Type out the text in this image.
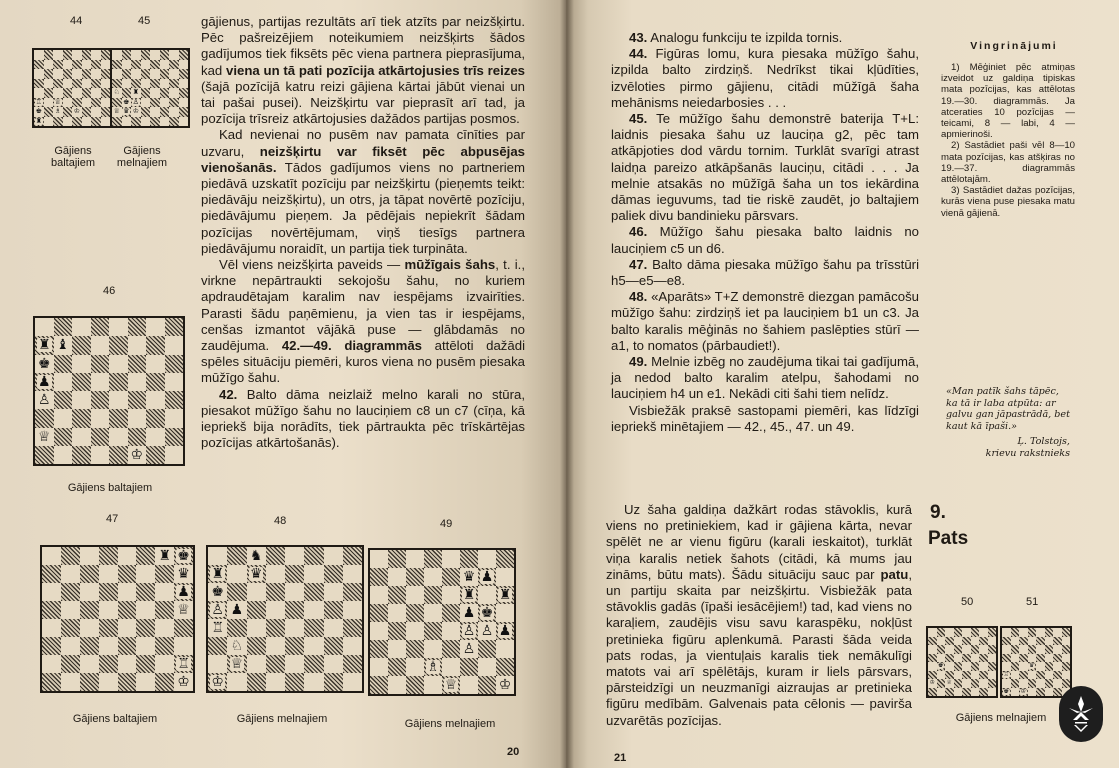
44	45
♖ ♕
♚ ♗ ♔
♜
♘ ♜
♚ ♙
♕ ♛ ♔
Gājiens baltajiem
Gājiens melnajiem
46
♜ ♝
♚
♟
♙
♕
♔
Gājiens baltajiem
47	48	49
♜ ♚
♛
♟
♕
♖
♔
♞
♜ ♛
♚
♙ ♟
♖
♘
♕
♔
♛ ♟
♜ ♜
♟ ♚
♙ ♙ ♟
♙
♗
♕	♔
Gājiens baltajiem	Gājiens melnajiem	Gājiens melnajiem
20

gājienus, partijas rezultāts arī tiek atzīts par neizšķirtu. Pēc pašreizējiem noteikumiem neizšķirts šādos gadījumos tiek fiksēts pēc viena partnera pieprasījuma, kad viena un tā pati pozīcija atkārtojusies trīs reizes (šajā pozīcijā katru reizi gājiena kārtai jābūt vienai un tai pašai pusei). Neizšķirtu var pieprasīt arī tad, ja pozīcija trīsreiz atkārtojusies dažādos partijas posmos.

Kad nevienai no pusēm nav pamata cīnīties par uzvaru, neizšķirtu var fiksēt pēc abpusējas vienošanās. Tādos gadījumos viens no partneriem piedāvā uzskatīt pozīciju par neizšķirtu (pieņemts teikt: piedāvāju neizšķirtu), un otrs, ja tāpat novērtē pozīciju, piedāvājumu pieņem. Ja pēdējais nepiekrīt šādam pozīcijas novērtējumam, viņš tiesīgs partnera piedāvājumu noraidīt, un partija tiek turpināta.

Vēl viens neizšķirta paveids — mūžīgais šahs, t. i., virkne nepārtraukti sekojošu šahu, no kuriem apdraudētajam karalim nav iespējams izvairīties. Parasti šādu paņēmienu, ja vien tas ir iespējams, cenšas izmantot vājākā puse — glābdamās no zaudējuma. 42.—49. diagrammās attēloti dažādi spēles situāciju piemēri, kuros viena no pusēm piesaka mūžīgo šahu.

42. Balto dāma neizlaiž melno karali no stūra, piesakot mūžīgo šahu no lauciņiem c8 un c7 (cīņa, kā iepriekš bija norādīts, tiek pārtraukta pēc trīskārtējas pozīcijas atkārtošanās).

43. Analogu funkciju te izpilda tornis.

44. Figūras lomu, kura piesaka mūžīgo šahu, izpilda balto zirdziņš. Nedrīkst tikai kļūdīties, izvēloties pirmo gājienu, citādi mūžīgā šaha mehānisms neiedarbosies . . .

45. Te mūžīgo šahu demonstrē baterija T+L: laidnis piesaka šahu uz lauciņa g2, pēc tam atkāpjoties dod vārdu tornim. Turklāt svarīgi atrast laidņa pareizo atkāpšanās lauciņu, citādi . . . Ja melnie atsakās no mūžīgā šaha un tos iekārdina dāmas ieguvums, tad tie riskē zaudēt, jo baltajiem paliek divu bandinieku pārsvars.

46. Mūžīgo šahu piesaka balto laidnis no lauciņiem c5 un d6.

47. Balto dāma piesaka mūžīgo šahu pa trīsstūri h5—e5—e8.

48. «Aparāts» T+Z demonstrē diezgan pamācošu mūžīgo šahu: zirdziņš iet pa lauciņiem b1 un c3. Ja balto karalis mēģinās no šahiem paslēpties stūrī — a1, to nomatos (pārbaudiet!).

49. Melnie izbēg no zaudējuma tikai tai gadījumā, ja nedod balto karalim atelpu, šahodami no lauciņiem h4 un e1. Nekādi citi šahi tiem nelīdz.

Visbiežāk praksē sastopami piemēri, kas līdzīgi iepriekš minētajiem — 42., 45., 47. un 49.

Vingrinājumi

1) Mēģiniet pēc atmiņas izveidot uz galdiņa tipiskas mata pozīcijas, kas attēlotas 19.—30. diagrammās. Ja atceraties 10 pozīcijas — teicami, 8 — labi, 4 — apmierinoši.

2) Sastādiet paši vēl 8—10 mata pozīcijas, kas atšķiras no 19.—37. diagrammās attēlotajām.

3) Sastādiet dažas pozīcijas, kurās viena puse piesaka matu vienā gājienā.

«Man patīk šahs tāpēc, ka tā ir laba atpūta: ar galvu gan jāpastrādā, bet kaut kā īpaši.»
Ļ. Tolstojs,
krievu rakstnieks

Uz šaha galdiņa dažkārt rodas stāvoklis, kurā viens no pretiniekiem, kad ir gājiena kārta, nevar spēlēt ne ar vienu figūru (karali ieskaitot), turklāt viņa karalis netiek šahots (citādi, kā mums jau zināms, būtu mats). Šādu situāciju sauc par patu, un partiju skaita par neizšķirtu. Visbiežāk pata stāvoklis gadās (īpaši iesācējiem!) tad, kad viens no karaļiem, zaudējis visu savu karaspēku, nokļūst pretinieka figūru aplenkumā. Parasti šāda veida pats rodas, ja vientuļais karalis tiek nemākulīgi matots vai arī spēlētājs, kuram ir liels pārsvars, pārsteidzīgi un neuzmanīgi aizraujas ar pretinieka figūru medībām. Galvenais pata cēlonis — pavirša uzvarētās pozīcijas.

9.
Pats
50	51
♚
♔ ♕
♛
♖
♚ ♔
Gājiens melnajiem
21
